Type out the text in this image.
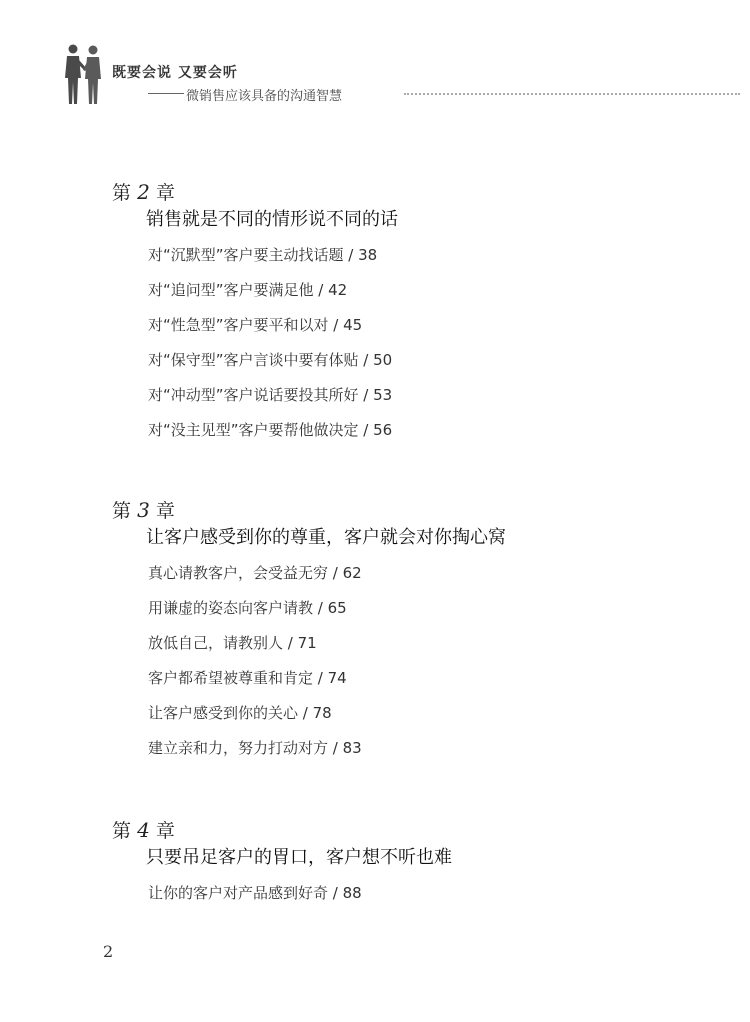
既要会说 又要会听
微销售应该具备的沟通智慧
第 2 章
销售就是不同的情形说不同的话
对“沉默型”客户要主动找话题 / 38
对“追问型”客户要满足他 / 42
对“性急型”客户要平和以对 / 45
对“保守型”客户言谈中要有体贴 / 50
对“冲动型”客户说话要投其所好 / 53
对“没主见型”客户要帮他做决定 / 56
第 3 章
让客户感受到你的尊重，客户就会对你掏心窝
真心请教客户，会受益无穷 / 62
用谦虚的姿态向客户请教 / 65
放低自己，请教别人 / 71
客户都希望被尊重和肯定 / 74
让客户感受到你的关心 / 78
建立亲和力，努力打动对方 / 83
第 4 章
只要吊足客户的胃口，客户想不听也难
让你的客户对产品感到好奇 / 88
2
